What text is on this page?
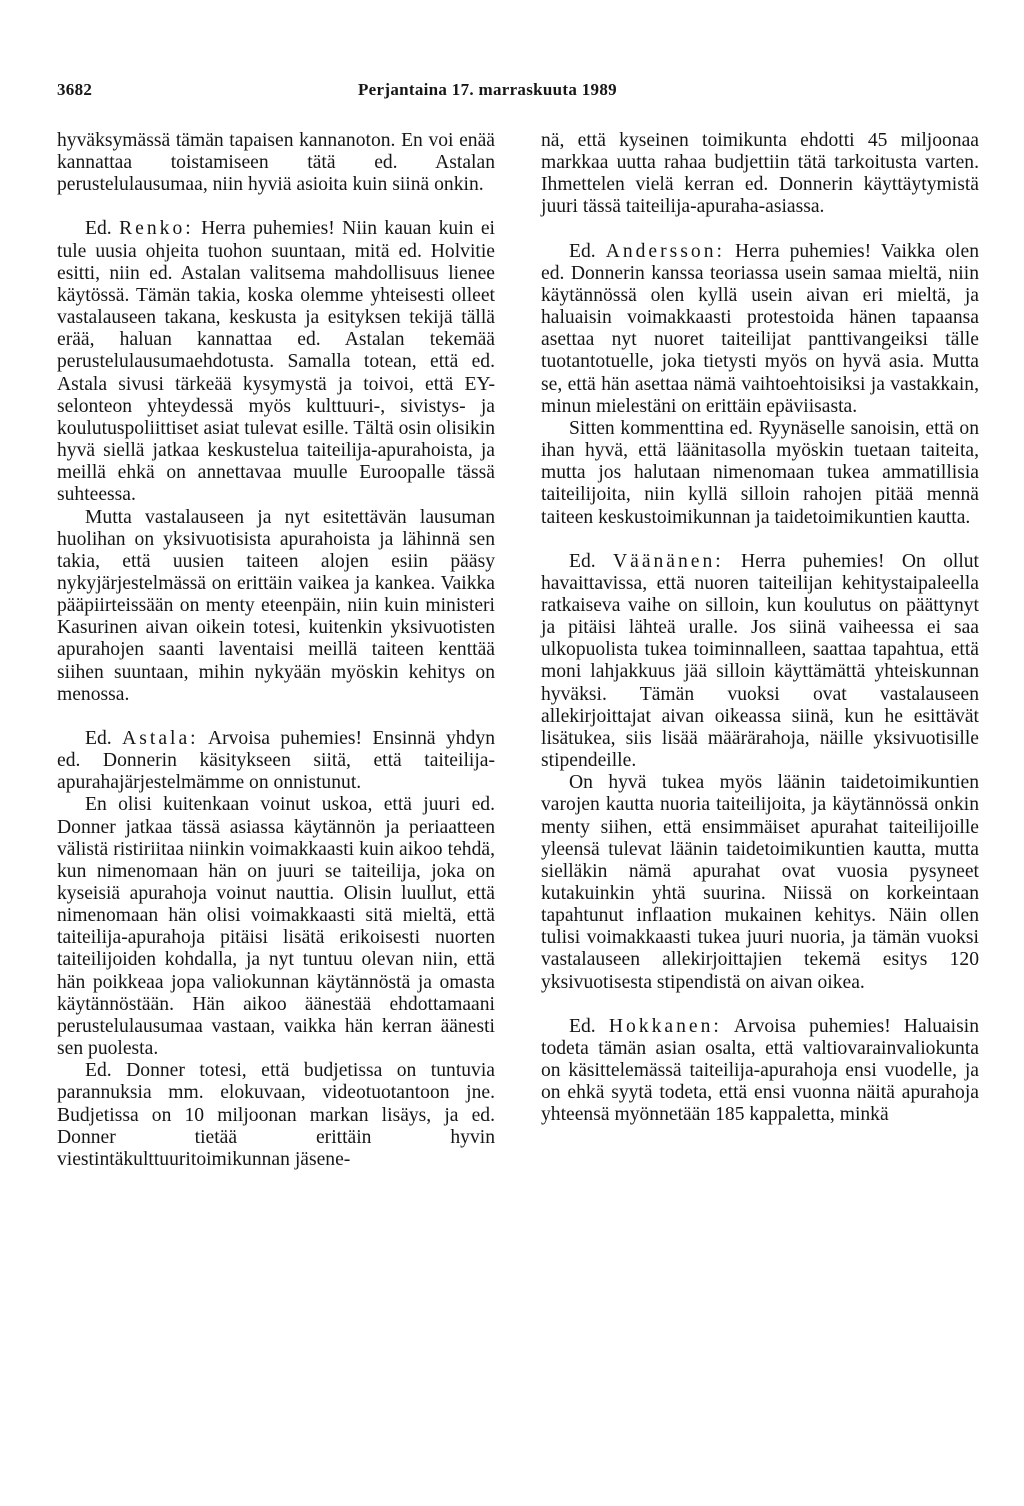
3682	Perjantaina 17. marraskuuta 1989

hyväksymässä tämän tapaisen kannanoton. En voi enää kannattaa toistamiseen tätä ed. Astalan perustelulausumaa, niin hyviä asioita kuin siinä onkin.

Ed. Renko: Herra puhemies! Niin kauan kuin ei tule uusia ohjeita tuohon suuntaan, mitä ed. Holvitie esitti, niin ed. Astalan valitsema mahdollisuus lienee käytössä. Tämän takia, koska olemme yhteisesti olleet vastalauseen takana, keskusta ja esityksen tekijä tällä erää, haluan kannattaa ed. Astalan tekemää perustelulausumaehdotusta. Samalla totean, että ed. Astala sivusi tärkeää kysymystä ja toivoi, että EY-selonteon yhteydessä myös kulttuuri-, sivistys- ja koulutuspoliittiset asiat tulevat esille. Tältä osin olisikin hyvä siellä jatkaa keskustelua taiteilija-apurahoista, ja meillä ehkä on annettavaa muulle Euroopalle tässä suhteessa.

Mutta vastalauseen ja nyt esitettävän lausuman huolihan on yksivuotisista apurahoista ja lähinnä sen takia, että uusien taiteen alojen esiin pääsy nykyjärjestelmässä on erittäin vaikea ja kankea. Vaikka pääpiirteissään on menty eteenpäin, niin kuin ministeri Kasurinen aivan oikein totesi, kuitenkin yksivuotisten apurahojen saanti laventaisi meillä taiteen kenttää siihen suuntaan, mihin nykyään myöskin kehitys on menossa.

Ed. Astala: Arvoisa puhemies! Ensinnä yhdyn ed. Donnerin käsitykseen siitä, että taiteilija-apurahajärjestelmämme on onnistunut.

En olisi kuitenkaan voinut uskoa, että juuri ed. Donner jatkaa tässä asiassa käytännön ja periaatteen välistä ristiriitaa niinkin voimakkaasti kuin aikoo tehdä, kun nimenomaan hän on juuri se taiteilija, joka on kyseisiä apurahoja voinut nauttia. Olisin luullut, että nimenomaan hän olisi voimakkaasti sitä mieltä, että taiteilija-apurahoja pitäisi lisätä erikoisesti nuorten taiteilijoiden kohdalla, ja nyt tuntuu olevan niin, että hän poikkeaa jopa valiokunnan käytännöstä ja omasta käytännöstään. Hän aikoo äänestää ehdottamaani perustelulausumaa vastaan, vaikka hän kerran äänesti sen puolesta.

Ed. Donner totesi, että budjetissa on tuntuvia parannuksia mm. elokuvaan, videotuotantoon jne. Budjetissa on 10 miljoonan markan lisäys, ja ed. Donner tietää erittäin hyvin viestintäkulttuuritoimikunnan jäsene-

nä, että kyseinen toimikunta ehdotti 45 miljoonaa markkaa uutta rahaa budjettiin tätä tarkoitusta varten. Ihmettelen vielä kerran ed. Donnerin käyttäytymistä juuri tässä taiteilija-apuraha-asiassa.

Ed. Andersson: Herra puhemies! Vaikka olen ed. Donnerin kanssa teoriassa usein samaa mieltä, niin käytännössä olen kyllä usein aivan eri mieltä, ja haluaisin voimakkaasti protestoida hänen tapaansa asettaa nyt nuoret taiteilijat panttivangeiksi tälle tuotantotuelle, joka tietysti myös on hyvä asia. Mutta se, että hän asettaa nämä vaihtoehtoisiksi ja vastakkain, minun mielestäni on erittäin epäviisasta.

Sitten kommenttina ed. Ryynäselle sanoisin, että on ihan hyvä, että läänitasolla myöskin tuetaan taiteita, mutta jos halutaan nimenomaan tukea ammatillisia taiteilijoita, niin kyllä silloin rahojen pitää mennä taiteen keskustoimikunnan ja taidetoimikuntien kautta.

Ed. Väänänen: Herra puhemies! On ollut havaittavissa, että nuoren taiteilijan kehitystaipaleella ratkaiseva vaihe on silloin, kun koulutus on päättynyt ja pitäisi lähteä uralle. Jos siinä vaiheessa ei saa ulkopuolista tukea toiminnalleen, saattaa tapahtua, että moni lahjakkuus jää silloin käyttämättä yhteiskunnan hyväksi. Tämän vuoksi ovat vastalauseen allekirjoittajat aivan oikeassa siinä, kun he esittävät lisätukea, siis lisää määrärahoja, näille yksivuotisille stipendeille.

On hyvä tukea myös läänin taidetoimikuntien varojen kautta nuoria taiteilijoita, ja käytännössä onkin menty siihen, että ensimmäiset apurahat taiteilijoille yleensä tulevat läänin taidetoimikuntien kautta, mutta sielläkin nämä apurahat ovat vuosia pysyneet kutakuinkin yhtä suurina. Niissä on korkeintaan tapahtunut inflaation mukainen kehitys. Näin ollen tulisi voimakkaasti tukea juuri nuoria, ja tämän vuoksi vastalauseen allekirjoittajien tekemä esitys 120 yksivuotisesta stipendistä on aivan oikea.

Ed. Hokkanen: Arvoisa puhemies! Haluaisin todeta tämän asian osalta, että valtiovarainvaliokunta on käsittelemässä taiteilija-apurahoja ensi vuodelle, ja on ehkä syytä todeta, että ensi vuonna näitä apurahoja yhteensä myönnetään 185 kappaletta, minkä
